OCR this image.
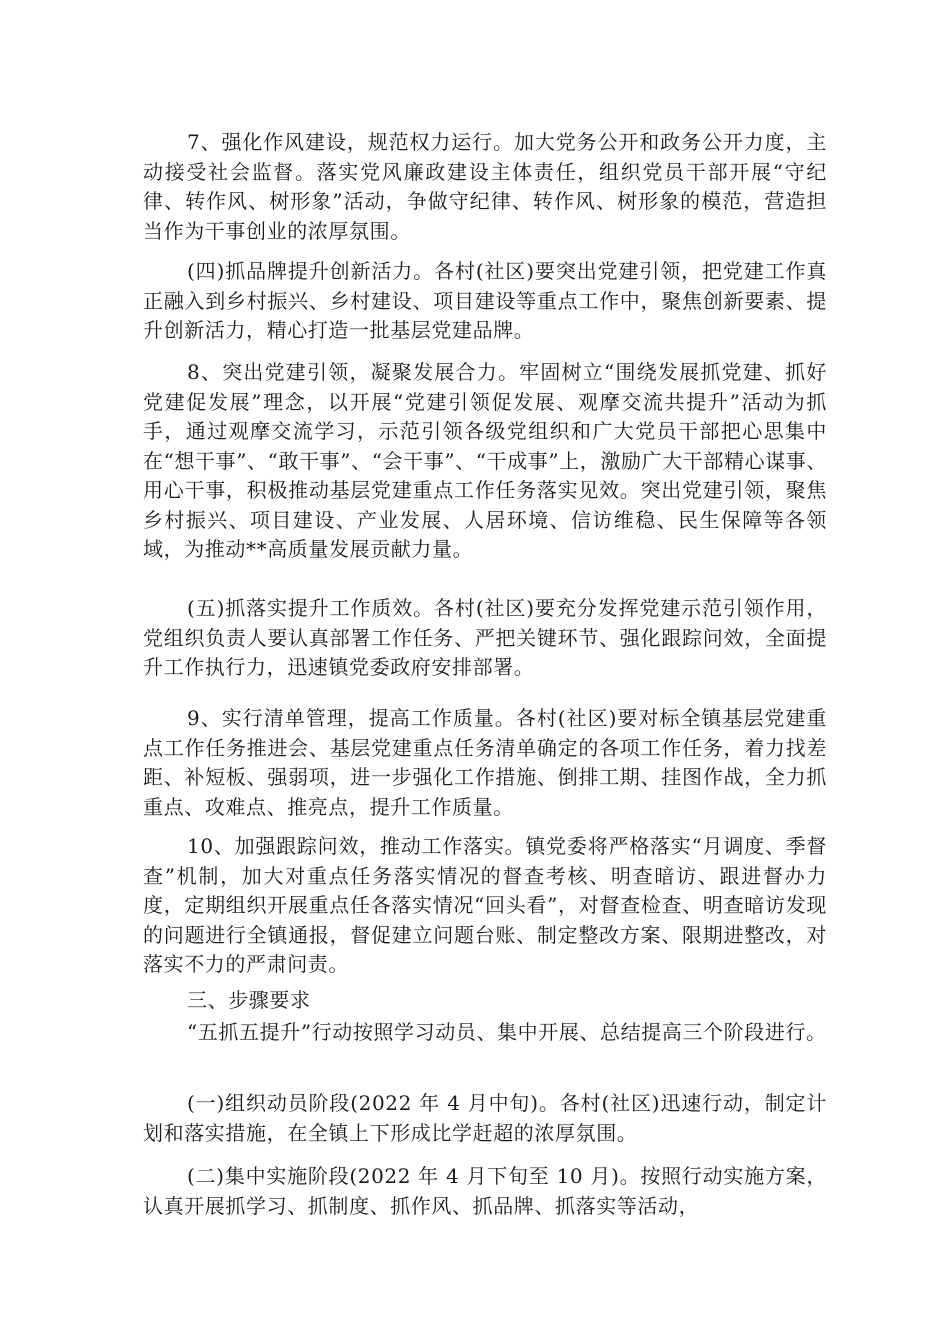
7、强化作风建设，规范权力运行。加大党务公开和政务公开力度，主动接受社会监督。落实党风廉政建设主体责任，组织党员干部开展“守纪律、转作风、树形象”活动，争做守纪律、转作风、树形象的模范，营造担当作为干事创业的浓厚氛围。

(四)抓品牌提升创新活力。各村(社区)要突出党建引领，把党建工作真正融入到乡村振兴、乡村建设、项目建设等重点工作中，聚焦创新要素、提升创新活力，精心打造一批基层党建品牌。

8、突出党建引领，凝聚发展合力。牢固树立“围绕发展抓党建、抓好党建促发展”理念，以开展“党建引领促发展、观摩交流共提升”活动为抓手，通过观摩交流学习，示范引领各级党组织和广大党员干部把心思集中在“想干事”、“敢干事”、“会干事”、“干成事”上，激励广大干部精心谋事、用心干事，积极推动基层党建重点工作任务落实见效。突出党建引领，聚焦乡村振兴、项目建设、产业发展、人居环境、信访维稳、民生保障等各领域，为推动**高质量发展贡献力量。

(五)抓落实提升工作质效。各村(社区)要充分发挥党建示范引领作用，党组织负责人要认真部署工作任务、严把关键环节、强化跟踪问效，全面提升工作执行力，迅速镇党委政府安排部署。

9、实行清单管理，提高工作质量。各村(社区)要对标全镇基层党建重点工作任务推进会、基层党建重点任务清单确定的各项工作任务，着力找差距、补短板、强弱项，进一步强化工作措施、倒排工期、挂图作战，全力抓重点、攻难点、推亮点，提升工作质量。

10、加强跟踪问效，推动工作落实。镇党委将严格落实“月调度、季督查”机制，加大对重点任务落实情况的督查考核、明查暗访、跟进督办力度，定期组织开展重点任各落实情况“回头看”，对督查检查、明查暗访发现的问题进行全镇通报，督促建立问题台账、制定整改方案、限期进整改，对落实不力的严肃问责。

三、步骤要求

“五抓五提升”行动按照学习动员、集中开展、总结提高三个阶段进行。

(一)组织动员阶段(2022 年 4 月中旬)。各村(社区)迅速行动，制定计划和落实措施，在全镇上下形成比学赶超的浓厚氛围。

(二)集中实施阶段(2022 年 4 月下旬至 10 月)。按照行动实施方案，认真开展抓学习、抓制度、抓作风、抓品牌、抓落实等活动，
